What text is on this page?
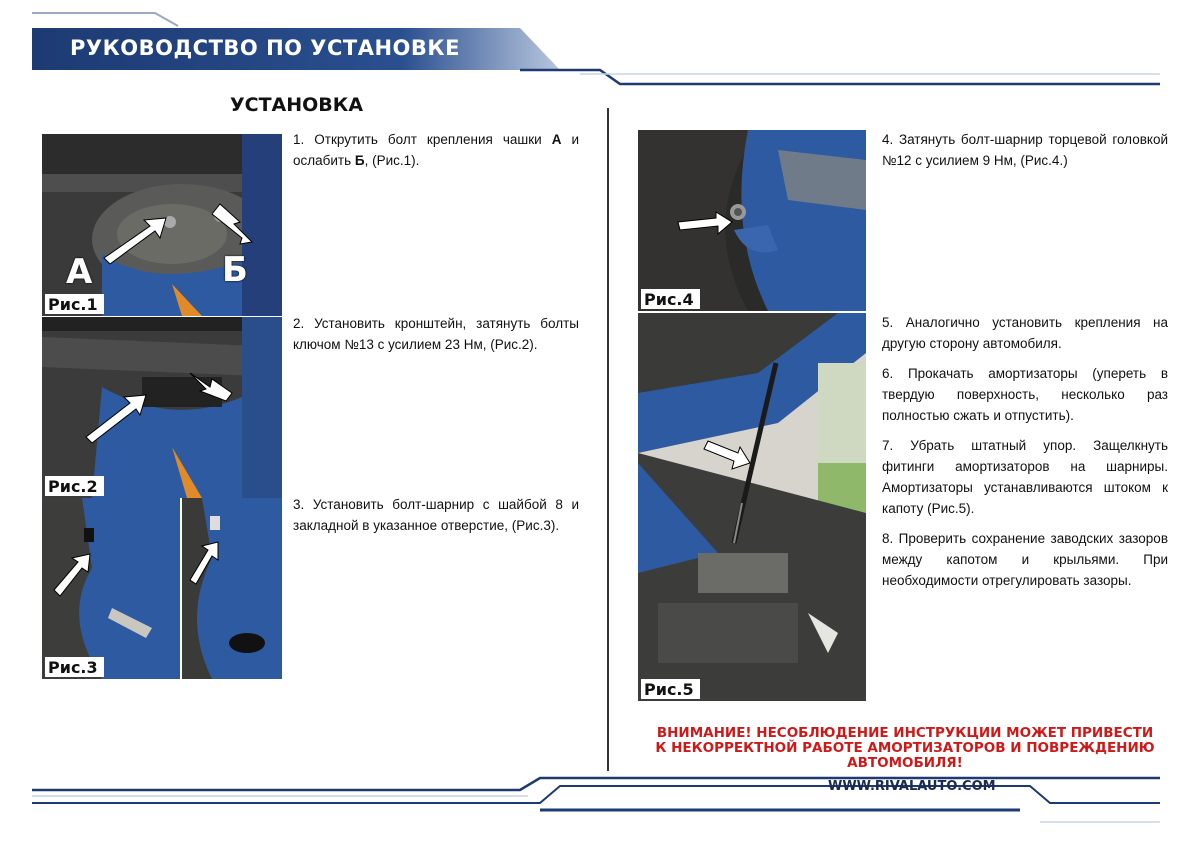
РУКОВОДСТВО ПО УСТАНОВКЕ
УСТАНОВКА
А	Б
Рис.1
Рис.2
Рис.3
Рис.4
Рис.5
1. Открутить болт крепления чашки А и ослабить Б, (Рис.1).
2. Установить кронштейн, затянуть болты ключом №13 с усилием 23 Нм, (Рис.2).
3. Установить болт-шарнир с шайбой 8 и закладной в указанное отверстие, (Рис.3).
4. Затянуть болт-шарнир торцевой головкой №12 с усилием 9 Нм, (Рис.4.)

5. Аналогично установить крепления на другую сторону автомобиля.

6. Прокачать амортизаторы (упереть в твердую поверхность, несколько раз полностью сжать и отпустить).

7. Убрать штатный упор. Защелкнуть фитинги амортизаторов на шарниры. Амортизаторы устанавливаются штоком к капоту (Рис.5).

8. Проверить сохранение заводских зазоров между капотом и крыльями. При необходимости отрегулировать зазоры.

ВНИМАНИЕ! НЕСОБЛЮДЕНИЕ ИНСТРУКЦИИ МОЖЕТ ПРИВЕСТИ К НЕКОРРЕКТНОЙ РАБОТЕ АМОРТИЗАТОРОВ И ПОВРЕЖДЕНИЮ АВТОМОБИЛЯ!
WWW.RIVALAUTO.COM
